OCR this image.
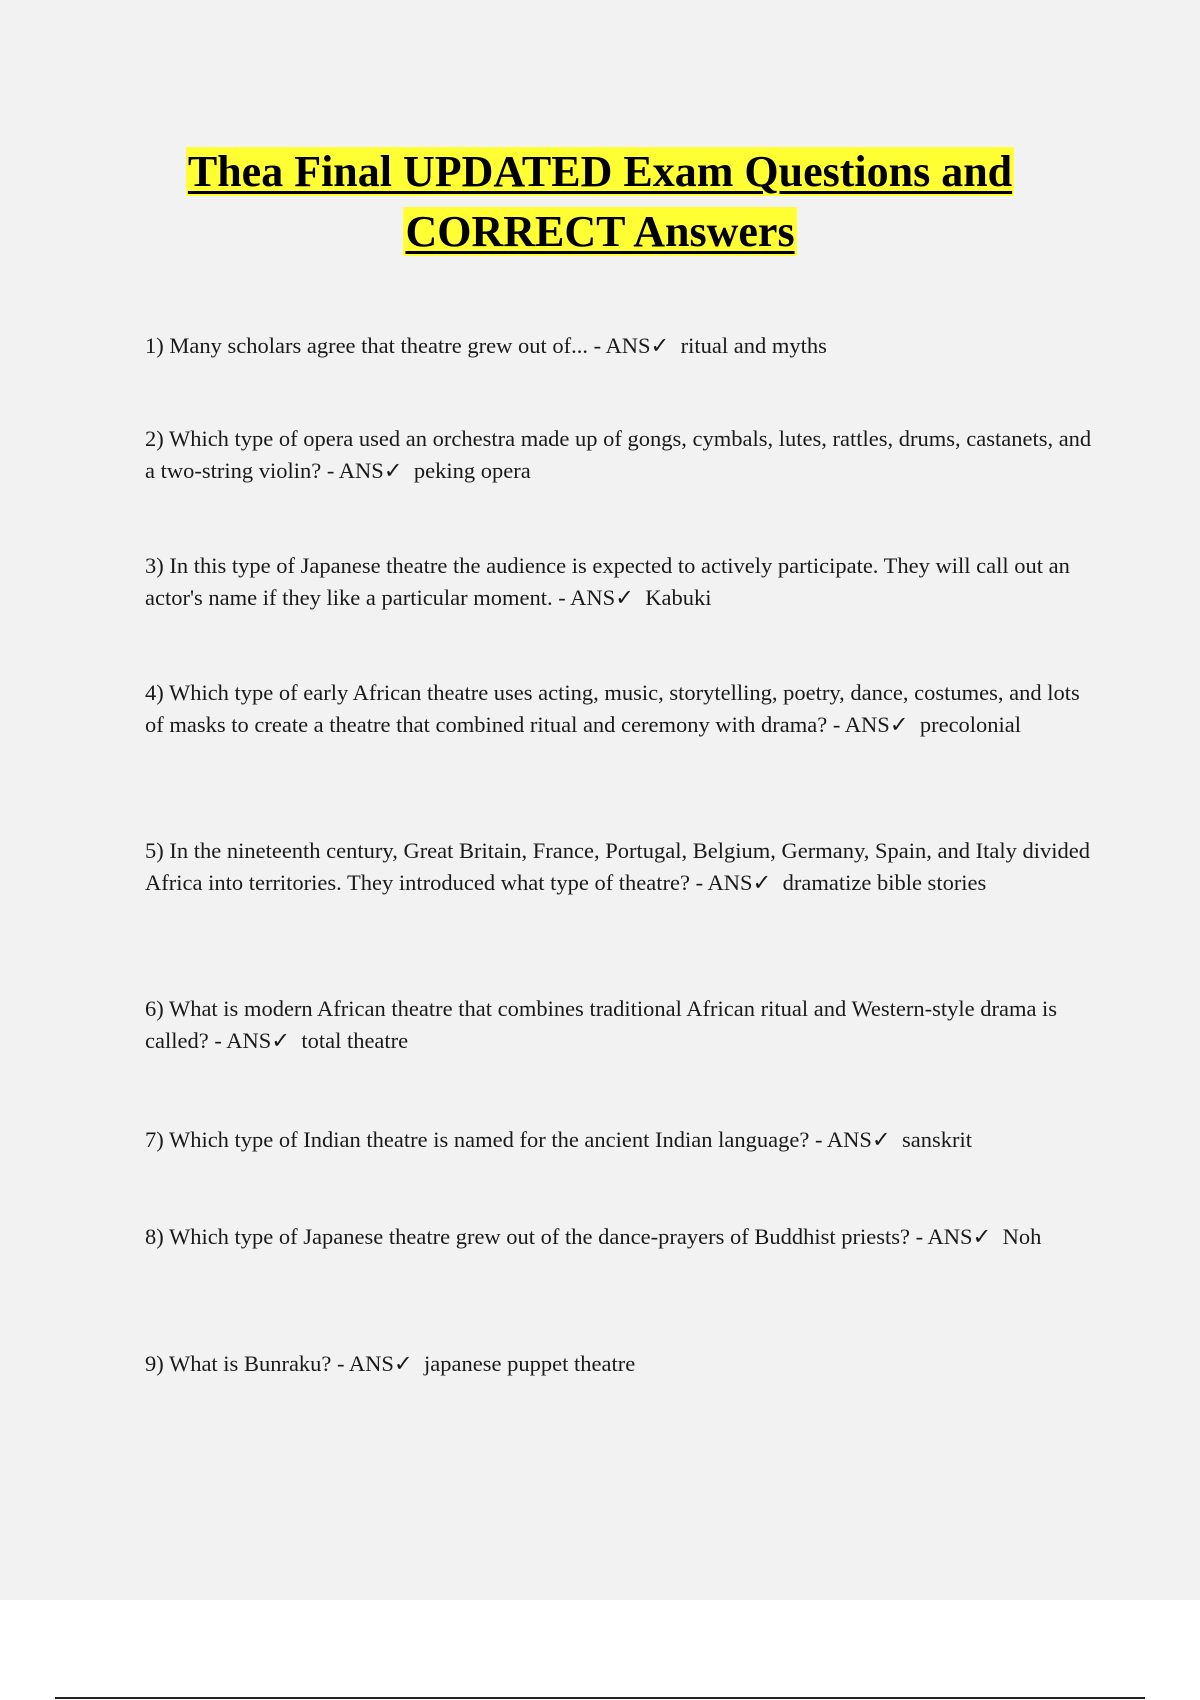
Thea Final UPDATED Exam Questions and
CORRECT Answers

1) Many scholars agree that theatre grew out of... - ANS✓ ritual and myths

2) Which type of opera used an orchestra made up of gongs, cymbals, lutes, rattles, drums, castanets, and a two-string violin? - ANS✓ peking opera

3) In this type of Japanese theatre the audience is expected to actively participate. They will call out an actor's name if they like a particular moment. - ANS✓ Kabuki

4) Which type of early African theatre uses acting, music, storytelling, poetry, dance, costumes, and lots of masks to create a theatre that combined ritual and ceremony with drama? - ANS✓ precolonial

5) In the nineteenth century, Great Britain, France, Portugal, Belgium, Germany, Spain, and Italy divided Africa into territories. They introduced what type of theatre? - ANS✓ dramatize bible stories

6) What is modern African theatre that combines traditional African ritual and Western-style drama is called? - ANS✓ total theatre

7) Which type of Indian theatre is named for the ancient Indian language? - ANS✓ sanskrit

8) Which type of Japanese theatre grew out of the dance-prayers of Buddhist priests? - ANS✓ Noh

9) What is Bunraku? - ANS✓ japanese puppet theatre
